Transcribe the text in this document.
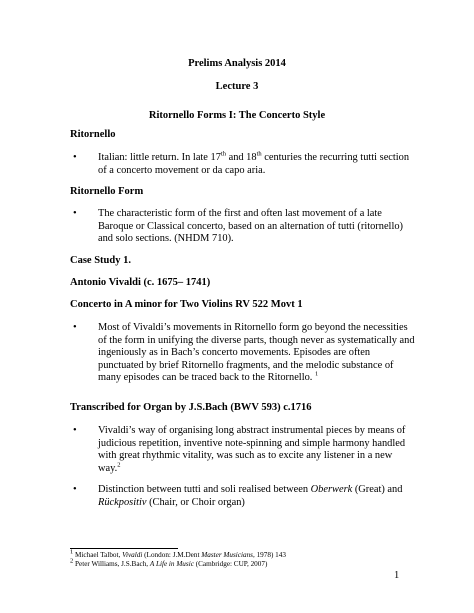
Prelims Analysis 2014
Lecture 3
Ritornello Forms I: The Concerto Style
Ritornello
• Italian: little return. In late 17th and 18th centuries the recurring tutti section of a concerto movement or da capo aria.
Ritornello Form
• The characteristic form of the first and often last movement of a late Baroque or Classical concerto, based on an alternation of tutti (ritornello) and solo sections. (NHDM 710).
Case Study 1.
Antonio Vivaldi (c. 1675– 1741)
Concerto in A minor for Two Violins RV 522 Movt 1
• Most of Vivaldi’s movements in Ritornello form go beyond the necessities of the form in unifying the diverse parts, though never as systematically and ingeniously as in Bach’s concerto movements. Episodes are often punctuated by brief Ritornello fragments, and the melodic substance of many episodes can be traced back to the Ritornello. $^1$
Transcribed for Organ by J.S.Bach (BWV 593) c.1716
• Vivaldi’s way of organising long abstract instrumental pieces by means of judicious repetition, inventive note-spinning and simple harmony handled with great rhythmic vitality, was such as to excite any listener in a new way.$^2$
• Distinction between tutti and soli realised between Oberwerk (Great) and Rückpositiv (Chair, or Choir organ)
$^1$ Michael Talbot, Vivaldi (London: J.M.Dent Master Musicians, 1978) 143
$^2$ Peter Williams, J.S.Bach, A Life in Music (Cambridge: CUP, 2007)
1
